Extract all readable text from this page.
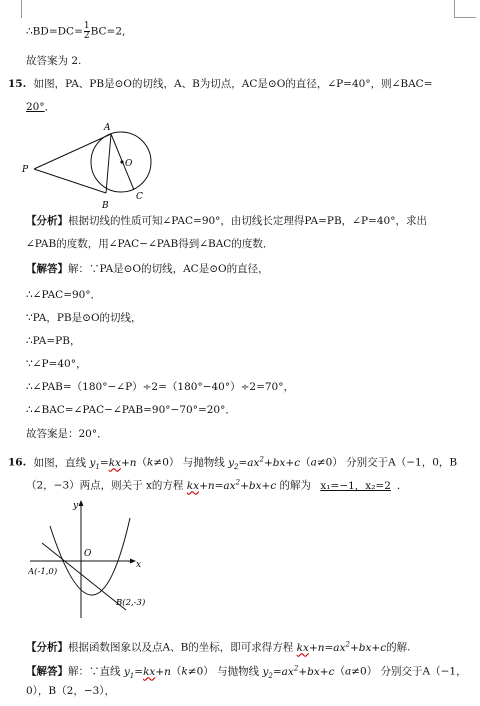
∴BD=DC= $\frac{1}{2} BC=2$,
故答案为 2.
15. 如图，PA、PB是⊙O的切线，A、B为切点，AC是⊙O的直径，∠P=40°，则∠BAC=
20°．
A
O
P
C
B
【分析】根据切线的性质可知∠PAC=90°，由切线长定理得PA=PB，∠P=40°，求出
∠PAB的度数，用∠PAC−∠PAB得到∠BAC的度数．
【解答】解：∵PA是⊙O的切线，AC是⊙O的直径，
∴∠PAC=90°．
∵PA，PB是⊙O的切线，
∴PA=PB，
∵∠P=40°，
∴∠PAB=（180°−∠P）÷2=（180°−40°）÷2=70°，
∴∠BAC=∠PAC−∠PAB=90°−70°=20°．
故答案是：20°．
16. 如图，直线 $y_1=kx+n(k\ne 0)$ 与抛物线 $y_2=ax^2+bx+c(a\ne 0)$ 分别交于A（−1，0，B
（2，−3）两点，则关于 x的方程 $kx+n=ax^2+bx+c$ 的解为 x₁=−1，x₂=2 ．
y
x
O
A(-1,0)
B(2,-3)
【分析】根据函数图象以及点A、B的坐标，即可求得方程 $kx+n=ax^2+bx+c$的解.
【解答】解：∵直线 $y_1=kx+n(k\ne 0)$ 与抛物线 $y_2=ax^2+bx+c(a\ne 0)$ 分别交于A（−1，
0），B（2，−3），
